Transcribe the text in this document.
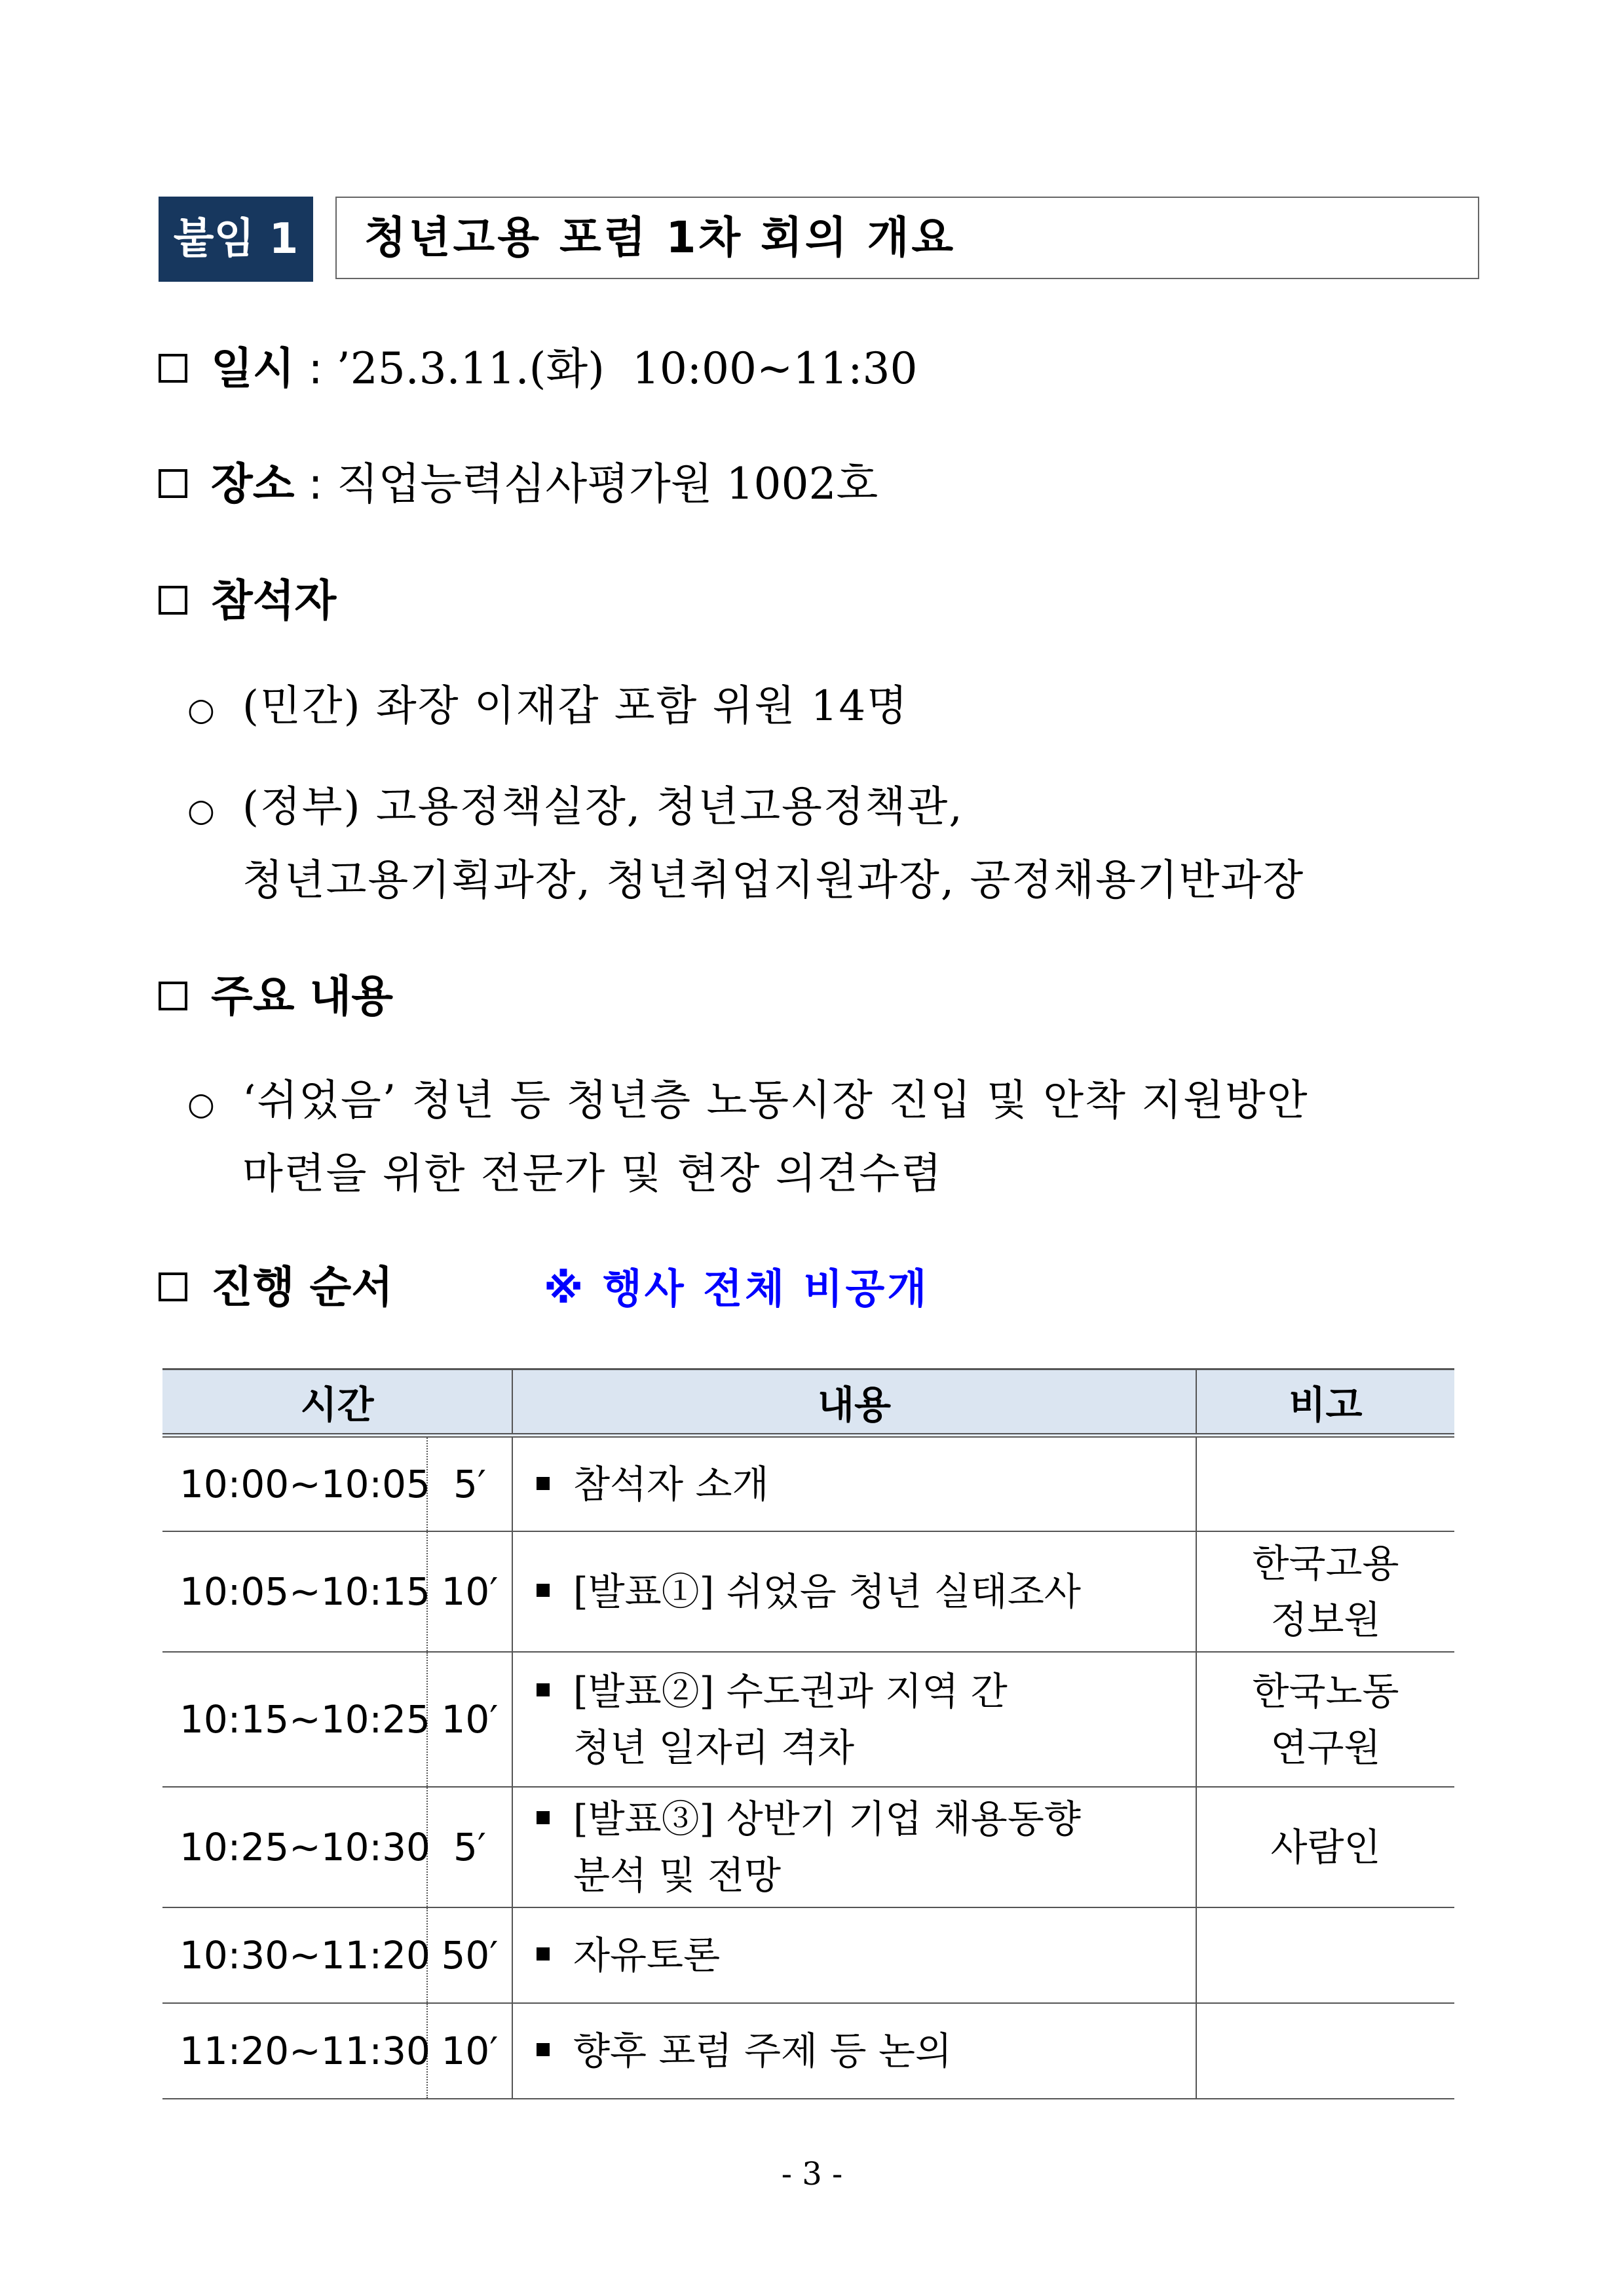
붙임 1	청년고용 포럼 1차 회의 개요
일시 : ’25.3.11.(화)  10:00~11:30
장소 : 직업능력심사평가원 1002호
참석자
○ (민간) 좌장 이재갑 포함 위원 14명
○ (정부) 고용정책실장, 청년고용정책관,
청년고용기획과장, 청년취업지원과장, 공정채용기반과장
주요 내용
○ ‘쉬었음’ 청년 등 청년층 노동시장 진입 및 안착 지원방안
마련을 위한 전문가 및 현장 의견수렴
진행 순서	※ 행사 전체 비공개
시간		내용	비고
10:00~10:05	5′	참석자 소개	

10:05~10:15	10′	[발표①] 쉬었음 청년 실태조사	한국고용
정보원

10:15~10:25	10′	[발표②] 수도권과 지역 간
청년 일자리 격차	한국노동
연구원

10:25~10:30	5′	[발표③] 상반기 기업 채용동향
분석 및 전망	사람인

10:30~11:20	50′	자유토론	

11:20~11:30	10′	향후 포럼 주제 등 논의	

- 3 -
